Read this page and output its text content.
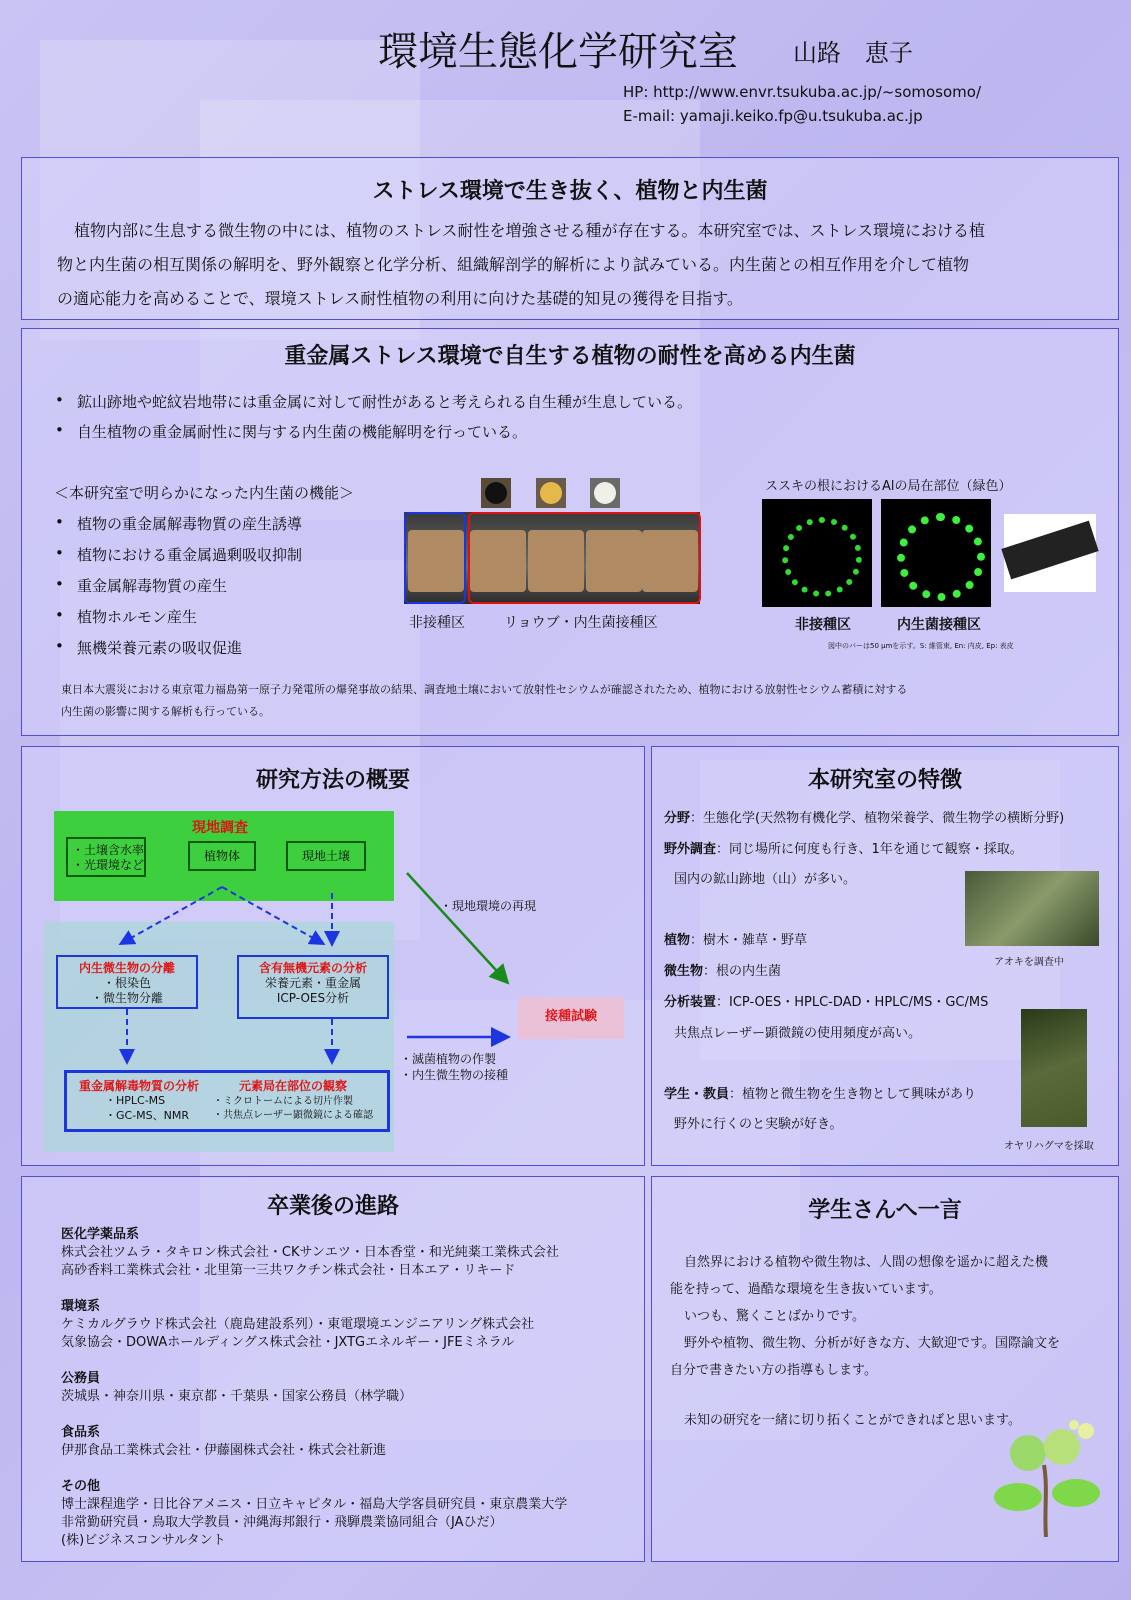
環境生態化学研究室 山路　恵子
HP: http://www.envr.tsukuba.ac.jp/~somosomo/
E-mail: yamaji.keiko.fp@u.tsukuba.ac.jp
ストレス環境で生き抜く、植物と内生菌
植物内部に生息する微生物の中には、植物のストレス耐性を増強させる種が存在する。本研究室では、ストレス環境における植
物と内生菌の相互関係の解明を、野外観察と化学分析、組織解剖学的解析により試みている。内生菌との相互作用を介して植物
の適応能力を高めることで、環境ストレス耐性植物の利用に向けた基礎的知見の獲得を目指す。
重金属ストレス環境で自生する植物の耐性を高める内生菌
• 鉱山跡地や蛇紋岩地帯には重金属に対して耐性があると考えられる自生種が生息している。
• 自生植物の重金属耐性に関与する内生菌の機能解明を行っている。
＜本研究室で明らかになった内生菌の機能＞
• 植物の重金属解毒物質の産生誘導
• 植物における重金属過剰吸収抑制
• 重金属解毒物質の産生
• 植物ホルモン産生
• 無機栄養元素の吸収促進
非接種区	リョウブ・内生菌接種区
ススキの根におけるAlの局在部位（緑色）
非接種区	内生菌接種区
図中のバーは50 μmを示す。S: 維管束, En: 内皮, Ep: 表皮
東日本大震災における東京電力福島第一原子力発電所の爆発事故の結果、調査地土壌において放射性セシウムが確認されたため、植物における放射性セシウム蓄積に対する
内生菌の影響に関する解析も行っている。
研究方法の概要
現地調査
・土壌含水率
・光環境など
植物体	現地土壌
内生微生物の分離
・根染色
・微生物分離
含有無機元素の分析
栄養元素・重金属
ICP-OES分析
重金属解毒物質の分析
・HPLC-MS
・GC-MS、NMR
元素局在部位の観察
・ミクロトームによる切片作製
・共焦点レーザー顕微鏡による確認
・現地環境の再現
接種試験
・滅菌植物の作製
・内生微生物の接種
本研究室の特徴
分野：生態化学(天然物有機化学、植物栄養学、微生物学の横断分野)
野外調査：同じ場所に何度も行き、1年を通じて観察・採取。
国内の鉱山跡地（山）が多い。
植物：樹木・雑草・野草
微生物：根の内生菌
分析装置：ICP-OES・HPLC-DAD・HPLC/MS・GC/MS
共焦点レーザー顕微鏡の使用頻度が高い。
学生・教員：植物と微生物を生き物として興味があり
野外に行くのと実験が好き。
アオキを調査中
オヤリハグマを採取
卒業後の進路
医化学薬品系
株式会社ツムラ・タキロン株式会社・CKサンエツ・日本香堂・和光純薬工業株式会社
高砂香料工業株式会社・北里第一三共ワクチン株式会社・日本エア・リキード
環境系
ケミカルグラウド株式会社（鹿島建設系列）・東電環境エンジニアリング株式会社
気象協会・DOWAホールディングス株式会社・JXTGエネルギー・JFEミネラル
公務員
茨城県・神奈川県・東京都・千葉県・国家公務員（林学職）
食品系
伊那食品工業株式会社・伊藤園株式会社・株式会社新進
その他
博士課程進学・日比谷アメニス・日立キャピタル・福島大学客員研究員・東京農業大学
非常勤研究員・鳥取大学教員・沖縄海邦銀行・飛騨農業協同組合（JAひだ）
(株)ビジネスコンサルタント
学生さんへ一言
自然界における植物や微生物は、人間の想像を遥かに超えた機
能を持って、過酷な環境を生き抜いています。
いつも、驚くことばかりです。
野外や植物、微生物、分析が好きな方、大歓迎です。国際論文を
自分で書きたい方の指導もします。
未知の研究を一緒に切り拓くことができればと思います。
